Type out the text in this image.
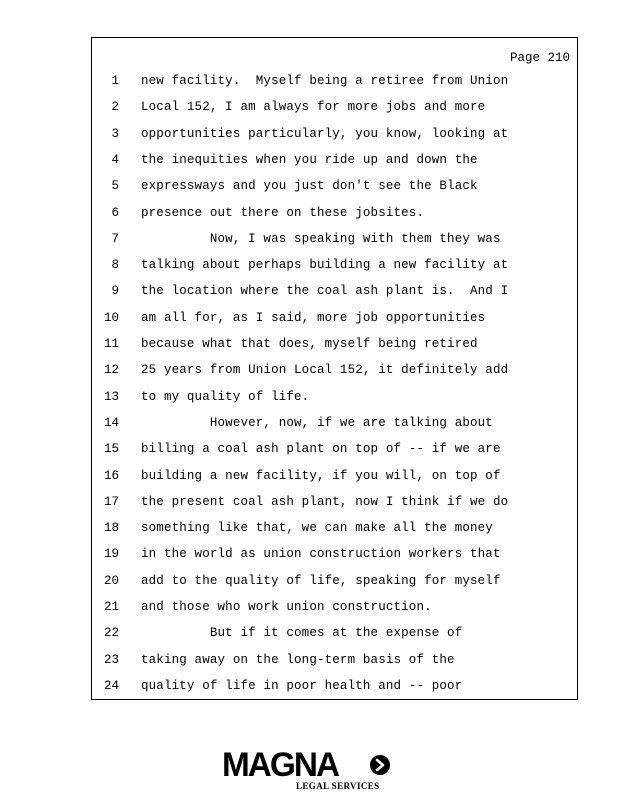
Page 210
1 new facility.  Myself being a retiree from Union
2 Local 152, I am always for more jobs and more
3 opportunities particularly, you know, looking at
4 the inequities when you ride up and down the
5 expressways and you just don't see the Black
6 presence out there on these jobsites.
7 Now, I was speaking with them they was
8 talking about perhaps building a new facility at
9 the location where the coal ash plant is.  And I
10 am all for, as I said, more job opportunities
11 because what that does, myself being retired
12 25 years from Union Local 152, it definitely add
13 to my quality of life.
14 However, now, if we are talking about
15 billing a coal ash plant on top of -- if we are
16 building a new facility, if you will, on top of
17 the present coal ash plant, now I think if we do
18 something like that, we can make all the money
19 in the world as union construction workers that
20 add to the quality of life, speaking for myself
21 and those who work union construction.
22 But if it comes at the expense of
23 taking away on the long-term basis of the
24 quality of life in poor health and -- poor
MAGNA
LEGAL SERVICES
